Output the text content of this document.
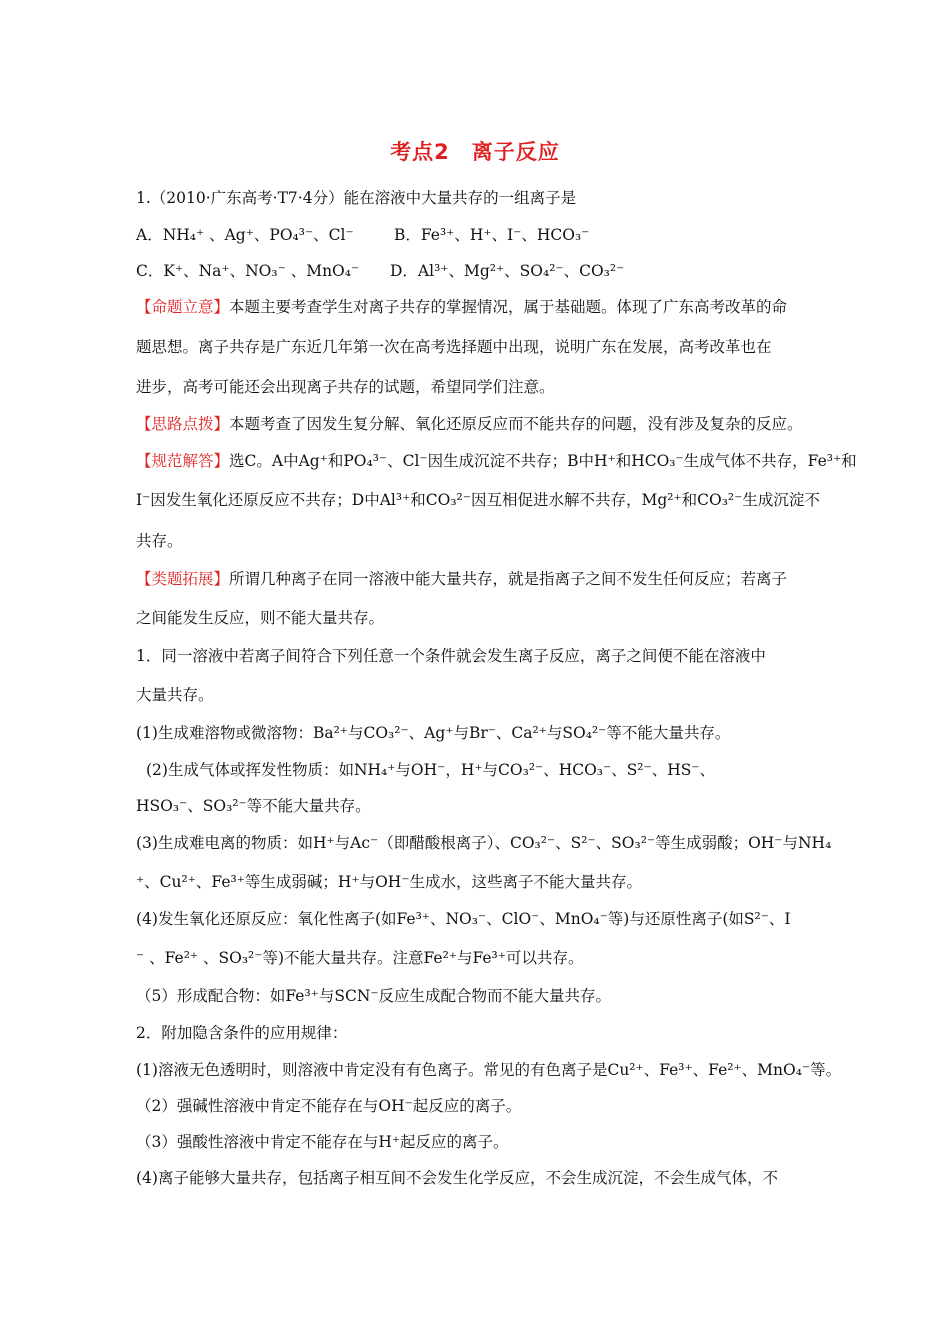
考点2　离子反应
1.（2010·广东高考·T7·4分）能在溶液中大量共存的一组离子是
A．NH₄⁺ 、Ag⁺、PO₄³⁻、Cl⁻	B．Fe³⁺、H⁺、I⁻、HCO₃⁻
C．K⁺、Na⁺、NO₃⁻ 、MnO₄⁻ D．Al³⁺、Mg²⁺、SO₄²⁻、CO₃²⁻
【命题立意】本题主要考查学生对离子共存的掌握情况，属于基础题。体现了广东高考改革的命
题思想。离子共存是广东近几年第一次在高考选择题中出现，说明广东在发展，高考改革也在
进步，高考可能还会出现离子共存的试题，希望同学们注意。
【思路点拨】本题考查了因发生复分解、氧化还原反应而不能共存的问题，没有涉及复杂的反应。
【规范解答】选C。A中Ag⁺和PO₄³⁻、Cl⁻因生成沉淀不共存；B中H⁺和HCO₃⁻生成气体不共存，Fe³⁺和
I⁻因发生氧化还原反应不共存；D中Al³⁺和CO₃²⁻因互相促进水解不共存，Mg²⁺和CO₃²⁻生成沉淀不
共存。
【类题拓展】所谓几种离子在同一溶液中能大量共存，就是指离子之间不发生任何反应；若离子
之间能发生反应，则不能大量共存。
1．同一溶液中若离子间符合下列任意一个条件就会发生离子反应，离子之间便不能在溶液中
大量共存。
(1)生成难溶物或微溶物：Ba²⁺与CO₃²⁻、Ag⁺与Br⁻、Ca²⁺与SO₄²⁻等不能大量共存。
(2)生成气体或挥发性物质：如NH₄⁺与OH⁻，H⁺与CO₃²⁻、HCO₃⁻、S²⁻、HS⁻、
HSO₃⁻、SO₃²⁻等不能大量共存。
(3)生成难电离的物质：如H⁺与Ac⁻（即醋酸根离子）、CO₃²⁻、S²⁻、SO₃²⁻等生成弱酸；OH⁻与NH₄
⁺、Cu²⁺、Fe³⁺等生成弱碱；H⁺与OH⁻生成水，这些离子不能大量共存。
(4)发生氧化还原反应：氧化性离子(如Fe³⁺、NO₃⁻、ClO⁻、MnO₄⁻等)与还原性离子(如S²⁻、I
⁻ 、Fe²⁺ 、SO₃²⁻等)不能大量共存。注意Fe²⁺与Fe³⁺可以共存。
（5）形成配合物：如Fe³⁺与SCN⁻反应生成配合物而不能大量共存。
2．附加隐含条件的应用规律：
(1)溶液无色透明时，则溶液中肯定没有有色离子。常见的有色离子是Cu²⁺、Fe³⁺、Fe²⁺、MnO₄⁻等。
（2）强碱性溶液中肯定不能存在与OH⁻起反应的离子。
（3）强酸性溶液中肯定不能存在与H⁺起反应的离子。
(4)离子能够大量共存，包括离子相互间不会发生化学反应，不会生成沉淀，不会生成气体，不
